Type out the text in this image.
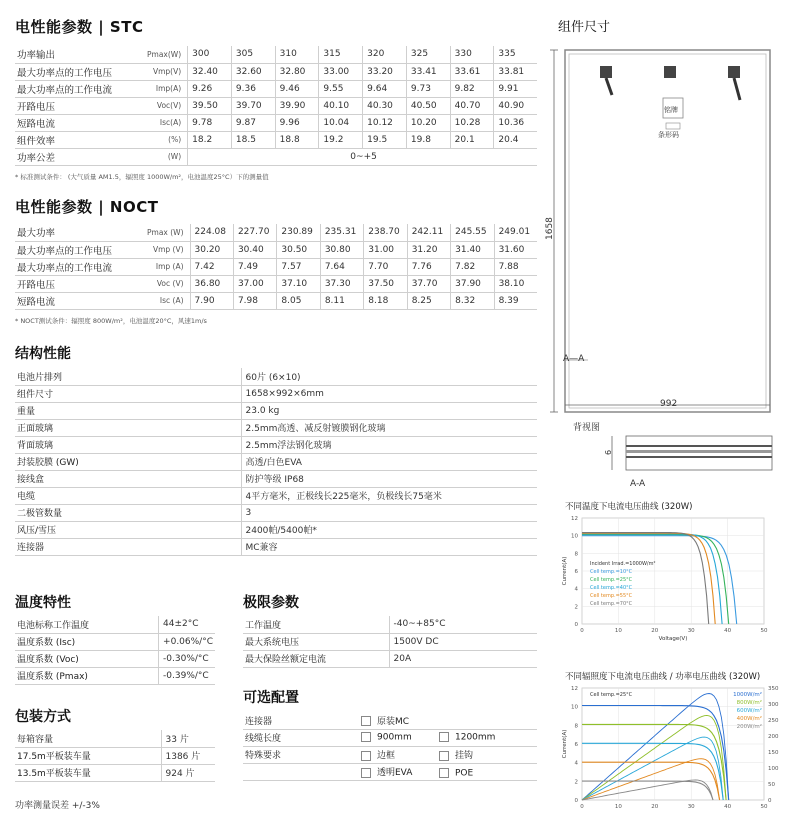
电性能参数 | STC
功率输出	Pmax(W)	300	305	310	315	320	325	330	335
最大功率点的工作电压	Vmp(V)	32.40	32.60	32.80	33.00	33.20	33.41	33.61	33.81
最大功率点的工作电流	Imp(A)	9.26	9.36	9.46	9.55	9.64	9.73	9.82	9.91
开路电压	Voc(V)	39.50	39.70	39.90	40.10	40.30	40.50	40.70	40.90
短路电流	Isc(A)	9.78	9.87	9.96	10.04	10.12	10.20	10.28	10.36
组件效率	(%)	18.2	18.5	18.8	19.2	19.5	19.8	20.1	20.4
功率公差	(W)	0~+5							
* 标准测试条件： (大气质量 AM1.5，辐照度 1000W/m²，电池温度25°C）下的测量值
电性能参数 | NOCT
最大功率	Pmax (W)	224.08	227.70	230.89	235.31	238.70	242.11	245.55	249.01
最大功率点的工作电压	Vmp (V)	30.20	30.40	30.50	30.80	31.00	31.20	31.40	31.60
最大功率点的工作电流	Imp (A)	7.42	7.49	7.57	7.64	7.70	7.76	7.82	7.88
开路电压	Voc (V)	36.80	37.00	37.10	37.30	37.50	37.70	37.90	38.10
短路电流	Isc (A)	7.90	7.98	8.05	8.11	8.18	8.25	8.32	8.39
* NOCT测试条件：辐照度 800W/m²，电池温度20°C，风速1m/s
结构性能
电池片排列	60片 (6×10)
组件尺寸	1658×992×6mm
重量	23.0 kg
正面玻璃	2.5mm高透、减反射镀膜钢化玻璃
背面玻璃	2.5mm浮法钢化玻璃
封装胶膜 (GW)	高透/白色EVA
接线盒	防护等级 IP68
电缆	4平方毫米，正极线长225毫米，负极线长75毫米
二极管数量	3
风压/雪压	2400帕/5400帕*
连接器	MC兼容
温度特性
电池标称工作温度	44±2°C
温度系数 (Isc)	+0.06%/°C
温度系数 (Voc)	-0.30%/°C
温度系数 (Pmax)	-0.39%/°C
极限参数
工作温度	-40~+85°C
最大系统电压	1500V DC
最大保险丝额定电流	20A
可选配置
连接器	原装MC
线缆长度	900mm 1200mm
特殊要求	边框 挂钩
	透明EVA POE
包装方式
每箱容量	33 片
17.5m平板装车量	1386 片
13.5m平板装车量	924 片
功率测量误差 +/-3%
组件尺寸
铭牌
条形码
1658
A—A
992
背视图
6
A-A
不同温度下电流电压曲线 (320W)
0
2
4
6
8
10
12
0	10	20	30	40	50
Cell temp.=10°C
Cell temp.=25°C
Cell temp.=40°C
Cell temp.=55°C
Cell temp.=70°C
Incident Irrad.=1000W/m²
Current(A)
Voltage(V)
不同辐照度下电流电压曲线 / 功率电压曲线 (320W)
0
2
4
6
8
10
12
0	10	20	30	40	50
0
50
100
150
200
250
300
350
1000W/m²
800W/m²
600W/m²
400W/m²
200W/m²
Cell temp.=25°C
Current(A)
